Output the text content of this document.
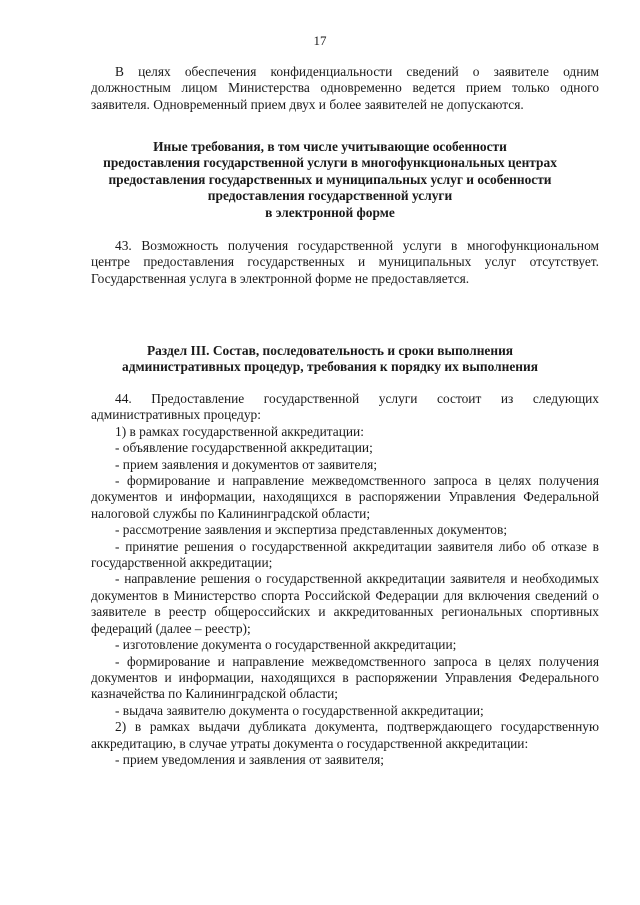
17

В целях обеспечения конфиденциальности сведений о заявителе одним должностным лицом Министерства одновременно ведется прием только одного заявителя. Одновременный прием двух и более заявителей не допускаются.

Иные требования, в том числе учитывающие особенности
предоставления государственной услуги в многофункциональных центрах
предоставления государственных и муниципальных услуг и особенности
предоставления государственной услуги
в электронной форме

43. Возможность получения государственной услуги в многофункциональном центре предоставления государственных и муниципальных услуг отсутствует. Государственная услуга в электронной форме не предоставляется.

Раздел III. Состав, последовательность и сроки выполнения
административных процедур, требования к порядку их выполнения

44. Предоставление государственной услуги состоит из следующих административных процедур:

1) в рамках государственной аккредитации:

- объявление государственной аккредитации;

- прием заявления и документов от заявителя;

- формирование и направление межведомственного запроса в целях получения документов и информации, находящихся в распоряжении Управления Федеральной налоговой службы по Калининградской области;

- рассмотрение заявления и экспертиза представленных документов;

- принятие решения о государственной аккредитации заявителя либо об отказе в государственной аккредитации;

- направление решения о государственной аккредитации заявителя и необходимых документов в Министерство спорта Российской Федерации для включения сведений о заявителе в реестр общероссийских и аккредитованных региональных спортивных федераций (далее – реестр);

- изготовление документа о государственной аккредитации;

- формирование и направление межведомственного запроса в целях получения документов и информации, находящихся в распоряжении Управления Федерального казначейства по Калининградской области;

- выдача заявителю документа о государственной аккредитации;

2) в рамках выдачи дубликата документа, подтверждающего государственную аккредитацию, в случае утраты документа о государственной аккредитации:

- прием уведомления и заявления от заявителя;
